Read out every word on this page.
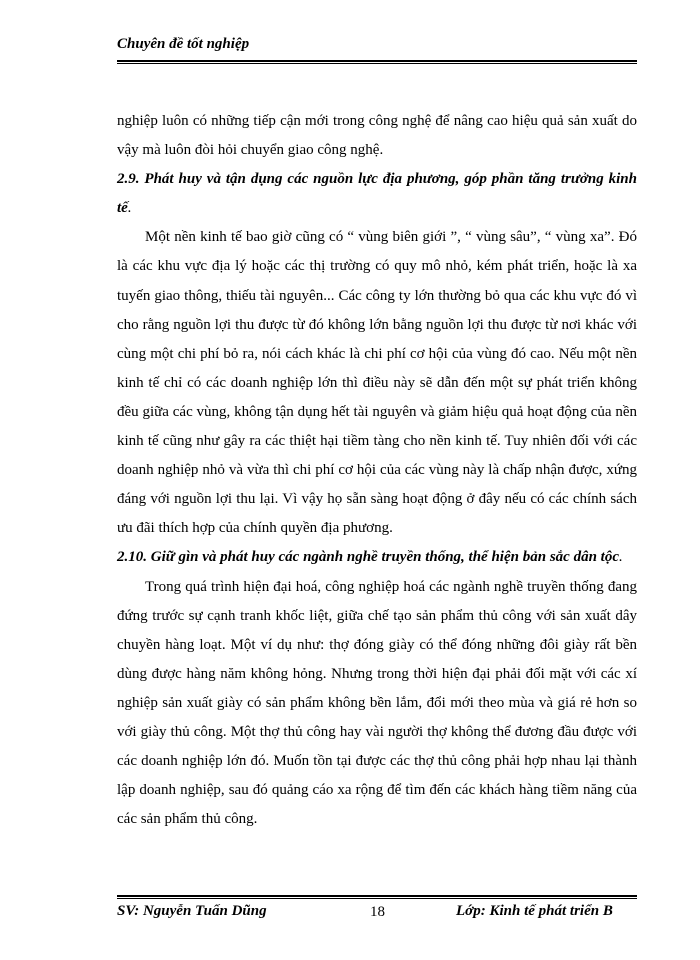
Chuyên đề tốt nghiệp

nghiệp luôn có những tiếp cận mới trong công nghệ để nâng cao hiệu quả sản xuất do vậy mà luôn đòi hỏi chuyển giao công nghệ.

2.9. Phát huy và tận dụng các nguồn lực địa phương, góp phần tăng trưởng kinh tế.

Một nền kinh tế bao giờ cũng có “ vùng biên giới ”, “ vùng sâu”, “ vùng xa”. Đó là các khu vực địa lý hoặc các thị trường có quy mô nhỏ, kém phát triển, hoặc là xa tuyến giao thông, thiếu tài nguyên... Các công ty lớn thường bỏ qua các khu vực đó vì cho rằng nguồn lợi thu được từ đó không lớn bằng nguồn lợi thu được từ nơi khác với cùng một chi phí bỏ ra, nói cách khác là chi phí cơ hội của vùng đó cao. Nếu một nền kinh tế chỉ có các doanh nghiệp lớn thì điều này sẽ dẫn đến một sự phát triển không đều giữa các vùng, không tận dụng hết tài nguyên và giảm hiệu quả hoạt động của nền kinh tế cũng như gây ra các thiệt hại tiềm tàng cho nền kinh tế. Tuy nhiên đối với các doanh nghiệp nhỏ và vừa thì chi phí cơ hội của các vùng này là chấp nhận được, xứng đáng với nguồn lợi thu lại. Vì vậy họ sẵn sàng hoạt động ở đây nếu có các chính sách ưu đãi thích hợp của chính quyền địa phương.

2.10. Giữ gìn và phát huy các ngành nghề truyền thống, thể hiện bản sắc dân tộc.

Trong quá trình hiện đại hoá, công nghiệp hoá các ngành nghề truyền thống đang đứng trước sự cạnh tranh khốc liệt, giữa chế tạo sản phẩm thủ công với sản xuất dây chuyền hàng loạt. Một ví dụ như: thợ đóng giày có thể đóng những đôi giày rất bền dùng được hàng năm không hỏng. Nhưng trong thời hiện đại phải đối mặt với các xí nghiệp sản xuất giày có sản phẩm không bền lắm, đổi mới theo mùa và giá rẻ hơn so với giày thủ công. Một thợ thủ công hay vài người thợ không thể đương đầu được với các doanh nghiệp lớn đó. Muốn tồn tại được các thợ thủ công phải hợp nhau lại thành lập doanh nghiệp, sau đó quảng cáo xa rộng để tìm đến các khách hàng tiềm năng của các sản phẩm thủ công.

SV: Nguyễn Tuấn Dũng	18	Lớp: Kinh tế phát triển B
